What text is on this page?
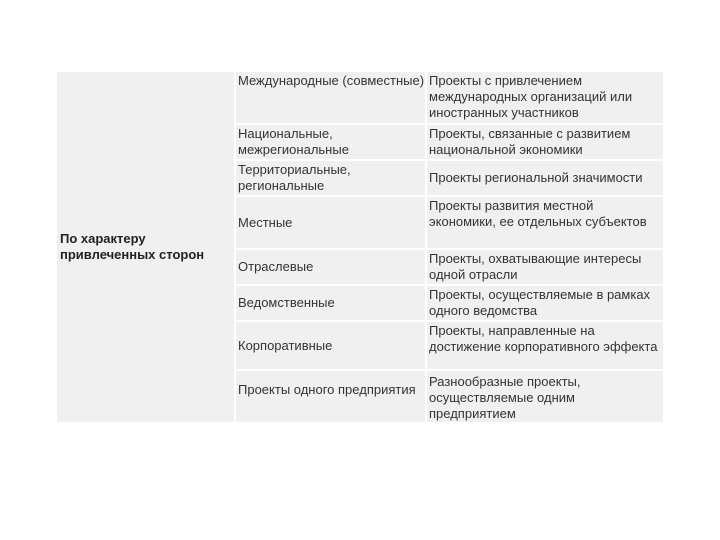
По характеру привлеченных сторон
Международные (совместные) Проекты с привлечением международных организаций или иностранных участников
Национальные, межрегиональные
Проекты, связанные с развитием национальной экономики
Территориальные, региональные
Проекты региональной значимости
Местные
Проекты развития местной экономики, ее отдельных субъектов
Отраслевые
Проекты, охватывающие интересы одной отрасли
Ведомственные
Проекты, осуществляемые в рамках одного ведомства
Корпоративные
Проекты, направленные на достижение корпоративного эффекта
Проекты одного предприятия
Разнообразные проекты, осуществляемые одним предприятием
